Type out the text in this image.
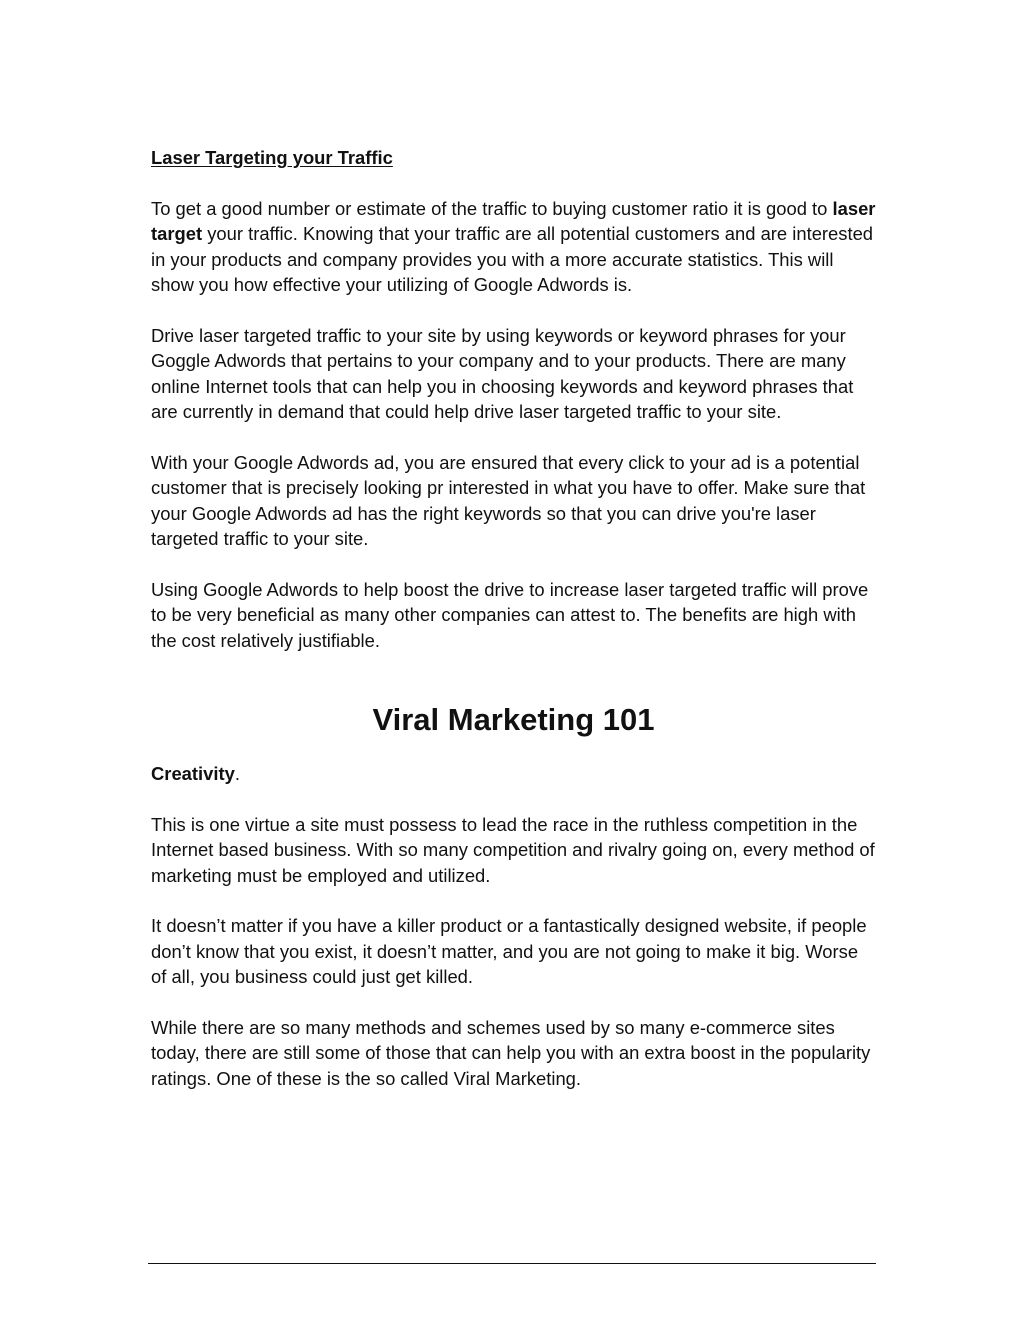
Laser Targeting your Traffic

To get a good number or estimate of the traffic to buying customer ratio it is good to laser target your traffic. Knowing that your traffic are all potential customers and are interested in your products and company provides you with a more accurate statistics. This will show you how effective your utilizing of Google Adwords is.

Drive laser targeted traffic to your site by using keywords or keyword phrases for your Goggle Adwords that pertains to your company and to your products. There are many online Internet tools that can help you in choosing keywords and keyword phrases that are currently in demand that could help drive laser targeted traffic to your site.

With your Google Adwords ad, you are ensured that every click to your ad is a potential customer that is precisely looking pr interested in what you have to offer. Make sure that your Google Adwords ad has the right keywords so that you can drive you're laser targeted traffic to your site.

Using Google Adwords to help boost the drive to increase laser targeted traffic will prove to be very beneficial as many other companies can attest to. The benefits are high with the cost relatively justifiable.

Viral Marketing 101

Creativity.

This is one virtue a site must possess to lead the race in the ruthless competition in the Internet based business. With so many competition and rivalry going on, every method of marketing must be employed and utilized.

It doesn’t matter if you have a killer product or a fantastically designed website, if people don’t know that you exist, it doesn’t matter, and you are not going to make it big. Worse of all, you business could just get killed.

While there are so many methods and schemes used by so many e-commerce sites today, there are still some of those that can help you with an extra boost in the popularity ratings. One of these is the so called Viral Marketing.
